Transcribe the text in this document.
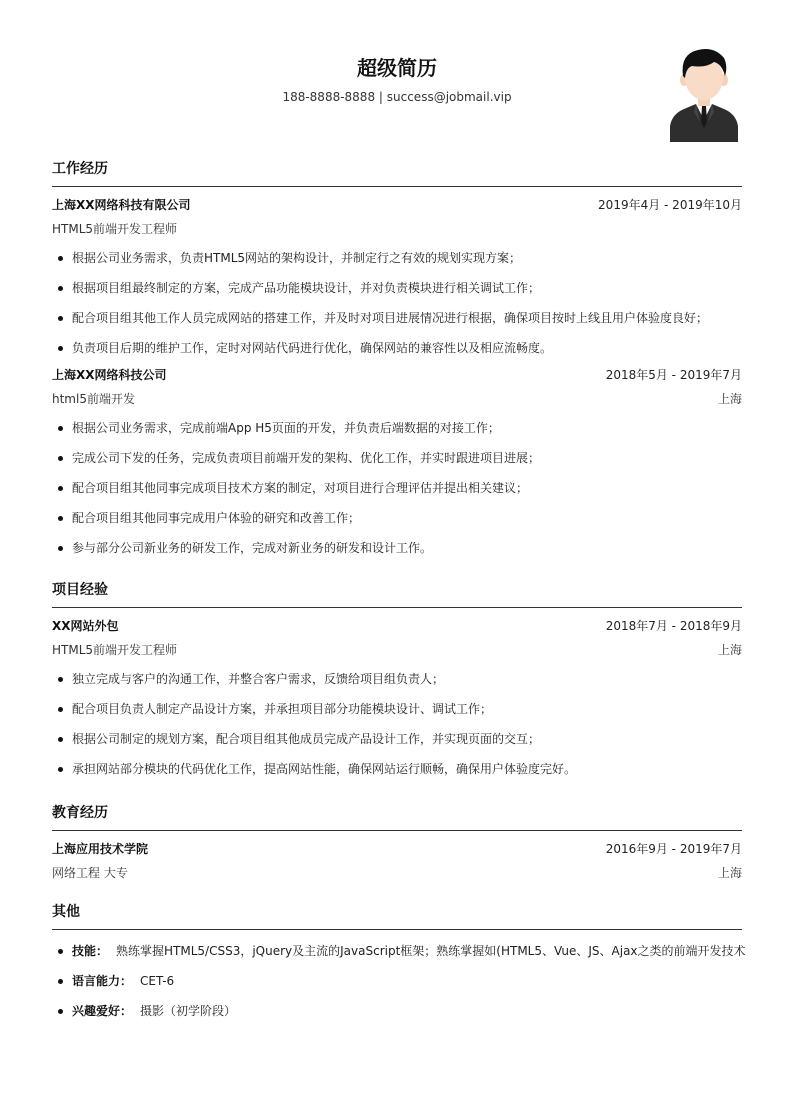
超级简历
188-8888-8888 | success@jobmail.vip
工作经历
上海XX网络科技有限公司	2019年4月 - 2019年10月
HTML5前端开发工程师
根据公司业务需求，负责HTML5网站的架构设计，并制定行之有效的规划实现方案；
根据项目组最终制定的方案，完成产品功能模块设计，并对负责模块进行相关调试工作；
配合项目组其他工作人员完成网站的搭建工作，并及时对项目进展情况进行根据，确保项目按时上线且用户体验度良好；
负责项目后期的维护工作，定时对网站代码进行优化，确保网站的兼容性以及相应流畅度。
上海XX网络科技公司	2018年5月 - 2019年7月
html5前端开发	上海
根据公司业务需求，完成前端App H5页面的开发，并负责后端数据的对接工作；
完成公司下发的任务，完成负责项目前端开发的架构、优化工作，并实时跟进项目进展；
配合项目组其他同事完成项目技术方案的制定，对项目进行合理评估并提出相关建议；
配合项目组其他同事完成用户体验的研究和改善工作；
参与部分公司新业务的研发工作，完成对新业务的研发和设计工作。
项目经验
XX网站外包	2018年7月 - 2018年9月
HTML5前端开发工程师	上海
独立完成与客户的沟通工作，并整合客户需求，反馈给项目组负责人；
配合项目负责人制定产品设计方案，并承担项目部分功能模块设计、调试工作；
根据公司制定的规划方案，配合项目组其他成员完成产品设计工作，并实现页面的交互；
承担网站部分模块的代码优化工作，提高网站性能，确保网站运行顺畅，确保用户体验度完好。
教育经历
上海应用技术学院	2016年9月 - 2019年7月
网络工程 大专	上海
其他
技能： 熟练掌握HTML5/CSS3，jQuery及主流的JavaScript框架；熟练掌握如(HTML5、Vue、JS、Ajax之类的前端开发技术
语言能力： CET-6
兴趣爱好： 摄影（初学阶段）
